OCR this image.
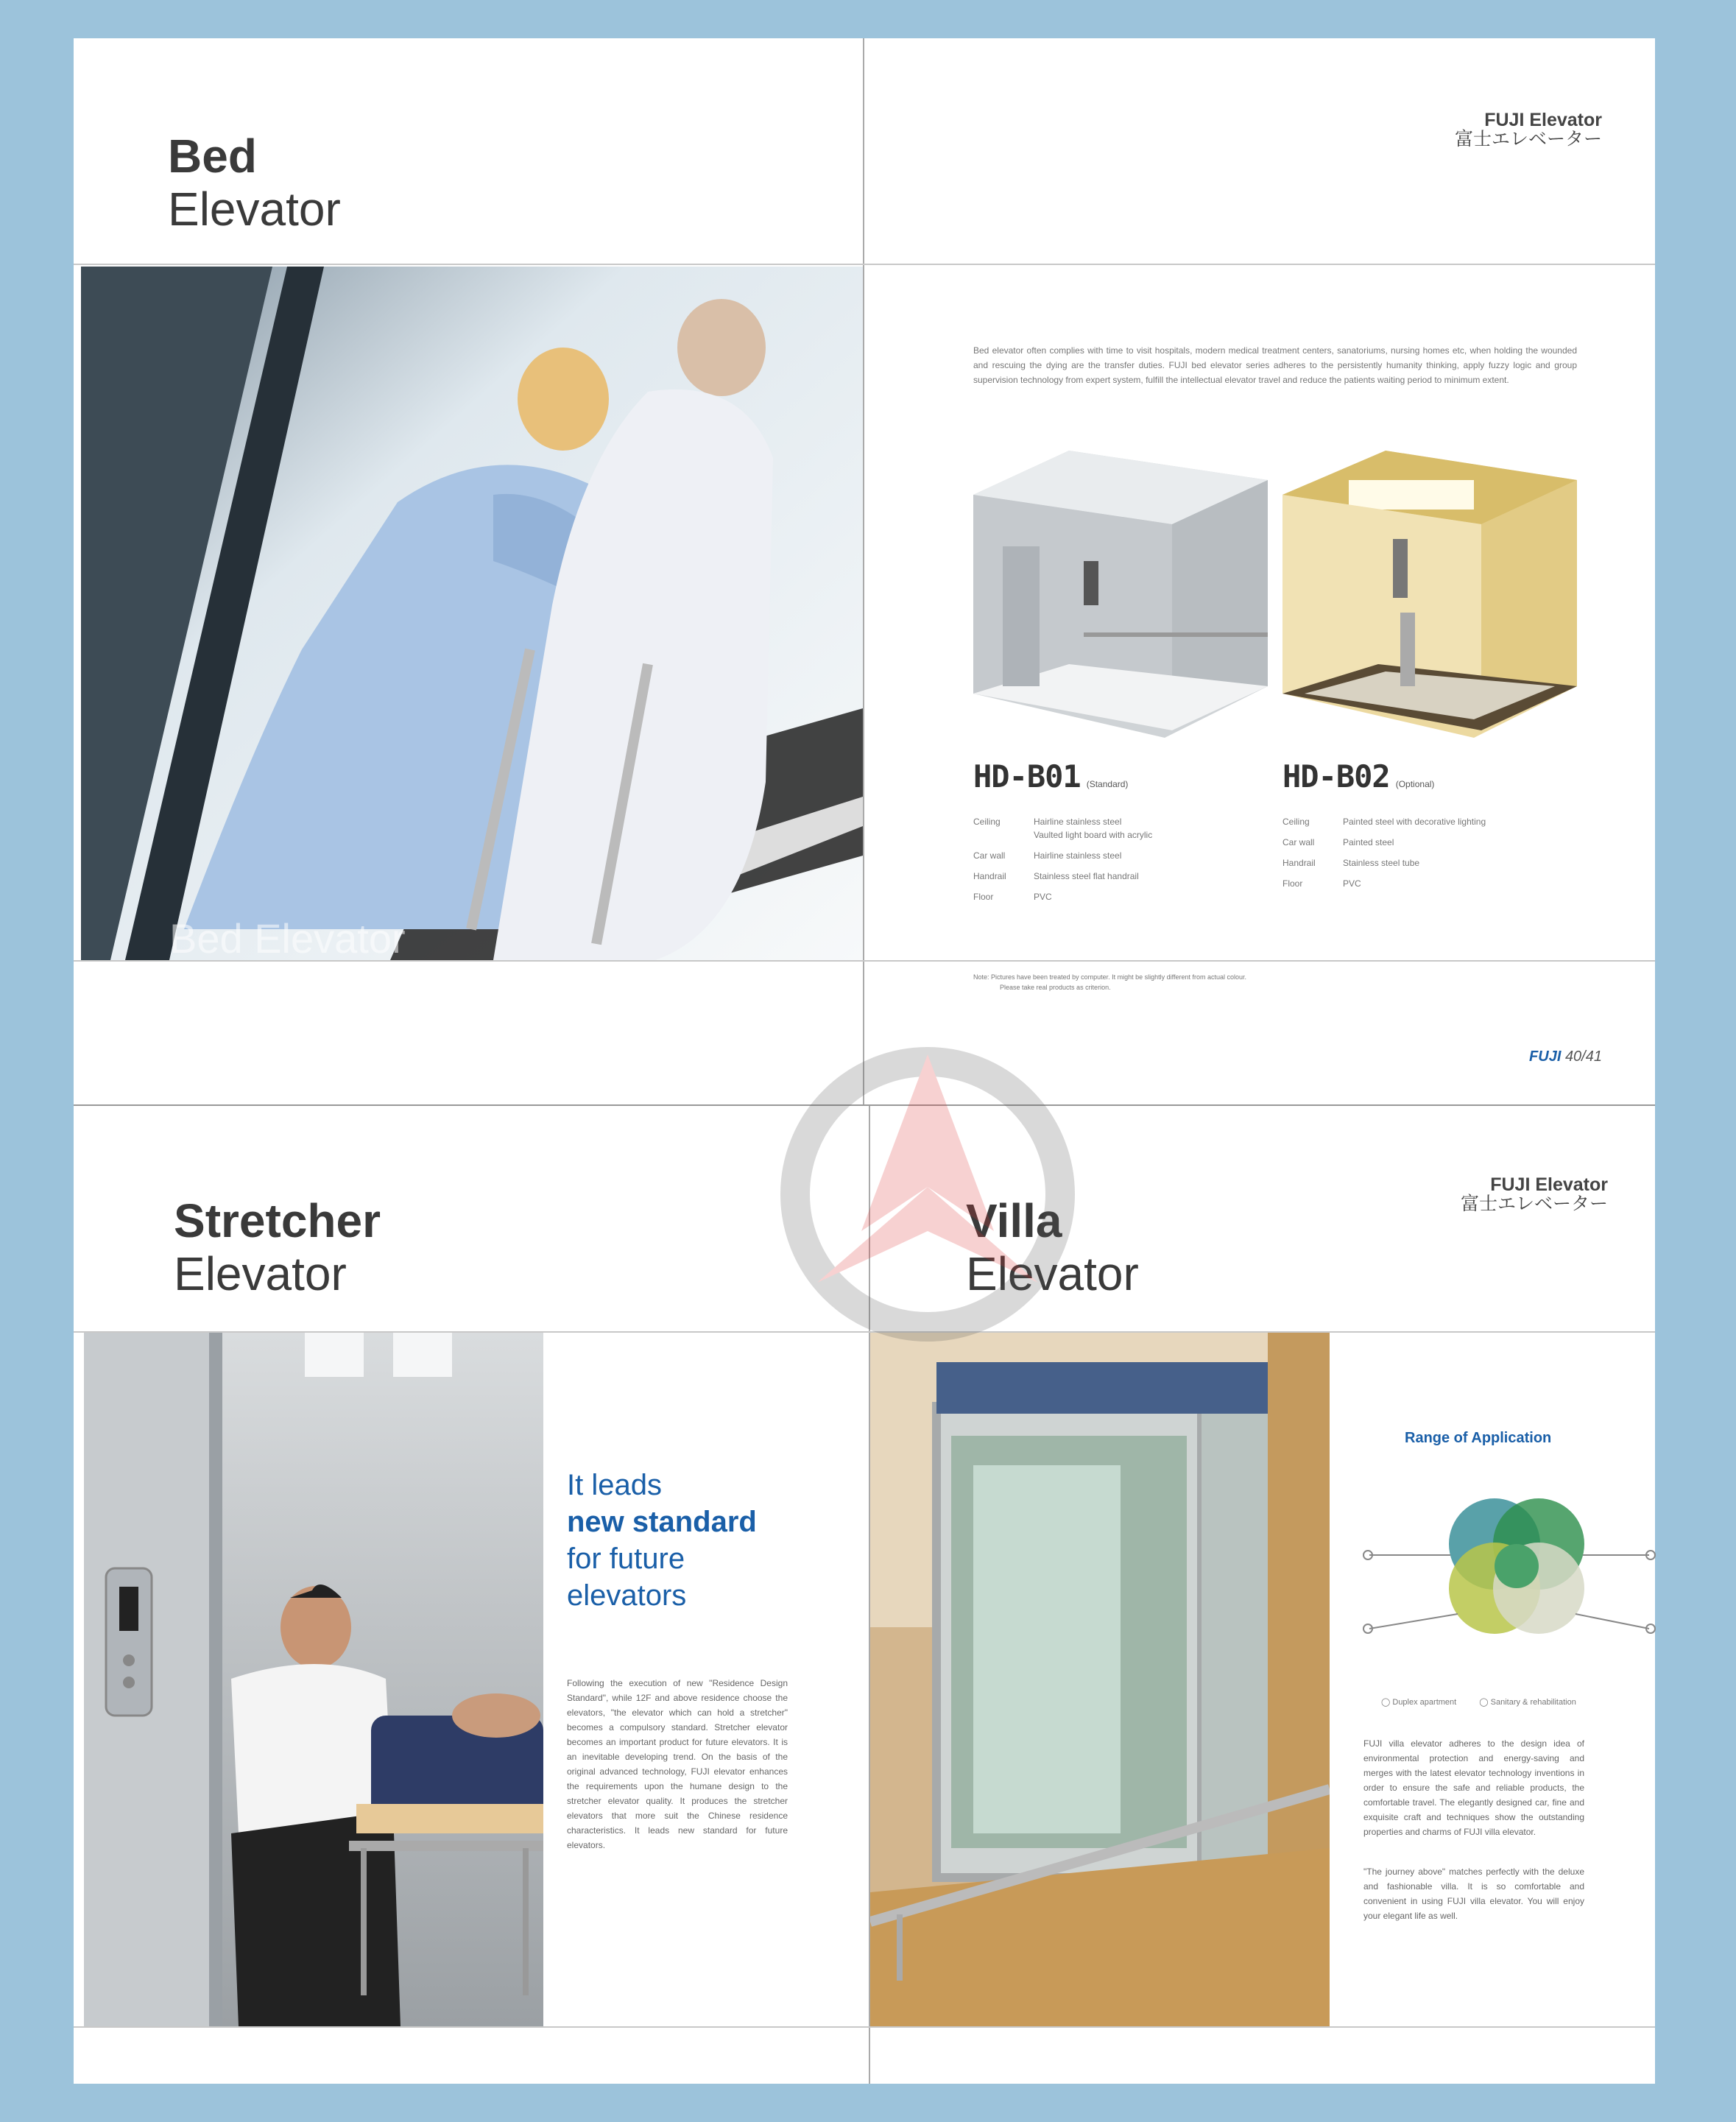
Bed
Elevator
Bed Elevator
FUJI Elevator
富士エレベーター
Bed elevator often complies with time to visit hospitals, modern medical treatment centers, sanatoriums, nursing homes etc, when holding the wounded and rescuing the dying are the transfer duties. FUJI bed elevator series adheres to the persistently humanity thinking, apply fuzzy logic and group supervision technology from expert system, fulfill the intellectual elevator travel and reduce the patients waiting period to minimum extent.
HD-B01 (Standard)
Ceiling	Hairline stainless steel
Vaulted light board with acrylic
Car wall	Hairline stainless steel
Handrail	Stainless steel flat handrail
Floor	PVC
HD-B02 (Optional)
Ceiling	Painted steel with decorative lighting
Car wall	Painted steel
Handrail	Stainless steel tube
Floor	PVC
Note: Pictures have been treated by computer. It might be slightly different from actual colour.
Please take real products as criterion.
FUJI 40/41
Stretcher
Elevator
It leads
new standard
for future
elevators
Following the execution of new "Residence Design Standard", while 12F and above residence choose the elevators, "the elevator which can hold a stretcher" becomes a compulsory standard. Stretcher elevator becomes an important product for future elevators. It is an inevitable developing trend. On the basis of the original advanced technology, FUJI elevator enhances the requirements upon the humane design to the stretcher elevator quality. It produces the stretcher elevators that more suit the Chinese residence characteristics. It leads new standard for future elevators.
Villa
Elevator
FUJI Elevator
富士エレベーター
Range of Application
◯ Duplex apartment	◯ Sanitary & rehabilitation
FUJI villa elevator adheres to the design idea of environmental protection and energy-saving and merges with the latest elevator technology inventions in order to ensure the safe and reliable products, the comfortable travel. The elegantly designed car, fine and exquisite craft and techniques show the outstanding properties and charms of FUJI villa elevator.
"The journey above" matches perfectly with the deluxe and fashionable villa. It is so comfortable and convenient in using FUJI villa elevator. You will enjoy your elegant life as well.
